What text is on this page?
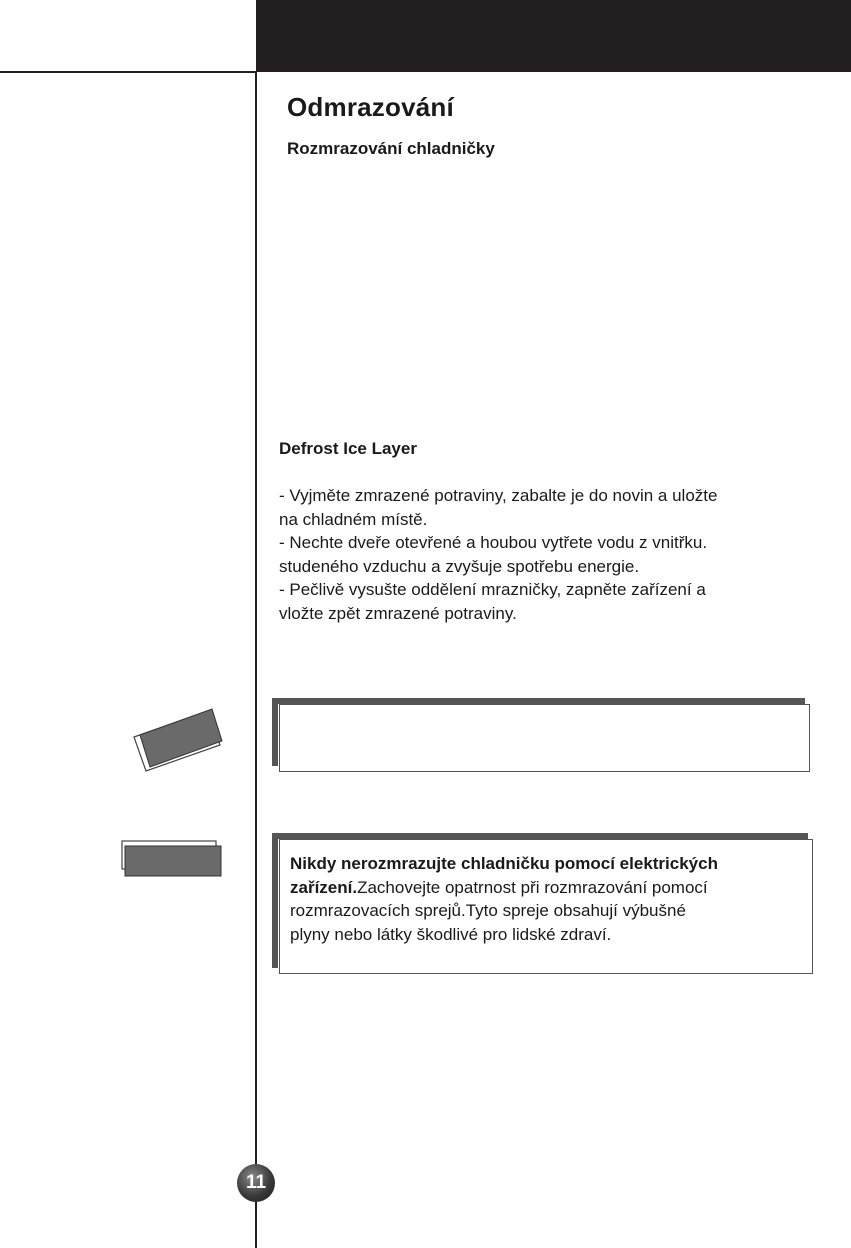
Odmrazování
Rozmrazování chladničky
Defrost Ice Layer
- Vyjměte zmrazené potraviny, zabalte je do novin a uložte
na chladném místě.
- Nechte dveře otevřené a houbou vytřete vodu z vnitřku.
studeného vzduchu a zvyšuje spotřebu energie.
- Pečlivě vysušte oddělení mrazničky, zapněte zařízení a
vložte zpět zmrazené potraviny.
Nikdy nerozmrazujte chladničku pomocí elektrických
zařízení.Zachovejte opatrnost při rozmrazování pomocí
rozmrazovacích sprejů.Tyto spreje obsahují výbušné
plyny nebo látky škodlivé pro lidské zdraví.
11
